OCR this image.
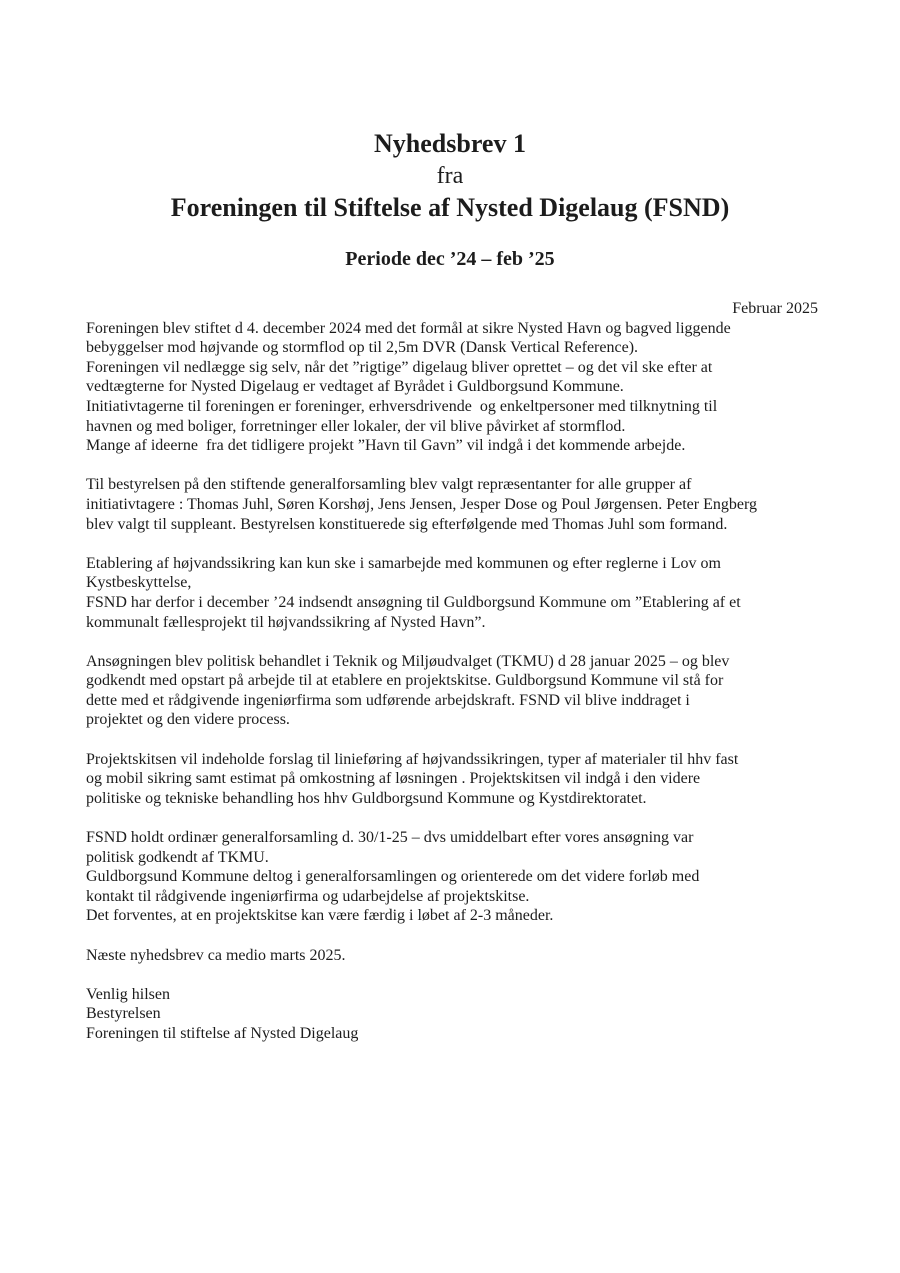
Nyhedsbrev 1
fra
Foreningen til Stiftelse af Nysted Digelaug (FSND)
Periode dec ’24 – feb ’25
Februar 2025
Foreningen blev stiftet d 4. december 2024 med det formål at sikre Nysted Havn og bagved liggende
bebyggelser mod højvande og stormflod op til 2,5m DVR (Dansk Vertical Reference).
Foreningen vil nedlægge sig selv, når det ”rigtige” digelaug bliver oprettet – og det vil ske efter at
vedtægterne for Nysted Digelaug er vedtaget af Byrådet i Guldborgsund Kommune.
Initiativtagerne til foreningen er foreninger, erhversdrivende  og enkeltpersoner med tilknytning til
havnen og med boliger, forretninger eller lokaler, der vil blive påvirket af stormflod.
Mange af ideerne  fra det tidligere projekt ”Havn til Gavn” vil indgå i det kommende arbejde.
Til bestyrelsen på den stiftende generalforsamling blev valgt repræsentanter for alle grupper af
initiativtagere : Thomas Juhl, Søren Korshøj, Jens Jensen, Jesper Dose og Poul Jørgensen. Peter Engberg
blev valgt til suppleant. Bestyrelsen konstituerede sig efterfølgende med Thomas Juhl som formand.
Etablering af højvandssikring kan kun ske i samarbejde med kommunen og efter reglerne i Lov om
Kystbeskyttelse,
FSND har derfor i december ’24 indsendt ansøgning til Guldborgsund Kommune om ”Etablering af et
kommunalt fællesprojekt til højvandssikring af Nysted Havn”.
Ansøgningen blev politisk behandlet i Teknik og Miljøudvalget (TKMU) d 28 januar 2025 – og blev
godkendt med opstart på arbejde til at etablere en projektskitse. Guldborgsund Kommune vil stå for
dette med et rådgivende ingeniørfirma som udførende arbejdskraft. FSND vil blive inddraget i
projektet og den videre process.
Projektskitsen vil indeholde forslag til linieføring af højvandssikringen, typer af materialer til hhv fast
og mobil sikring samt estimat på omkostning af løsningen . Projektskitsen vil indgå i den videre
politiske og tekniske behandling hos hhv Guldborgsund Kommune og Kystdirektoratet.
FSND holdt ordinær generalforsamling d. 30/1-25 – dvs umiddelbart efter vores ansøgning var
politisk godkendt af TKMU.
Guldborgsund Kommune deltog i generalforsamlingen og orienterede om det videre forløb med
kontakt til rådgivende ingeniørfirma og udarbejdelse af projektskitse.
Det forventes, at en projektskitse kan være færdig i løbet af 2-3 måneder.
Næste nyhedsbrev ca medio marts 2025.
Venlig hilsen
Bestyrelsen
Foreningen til stiftelse af Nysted Digelaug
